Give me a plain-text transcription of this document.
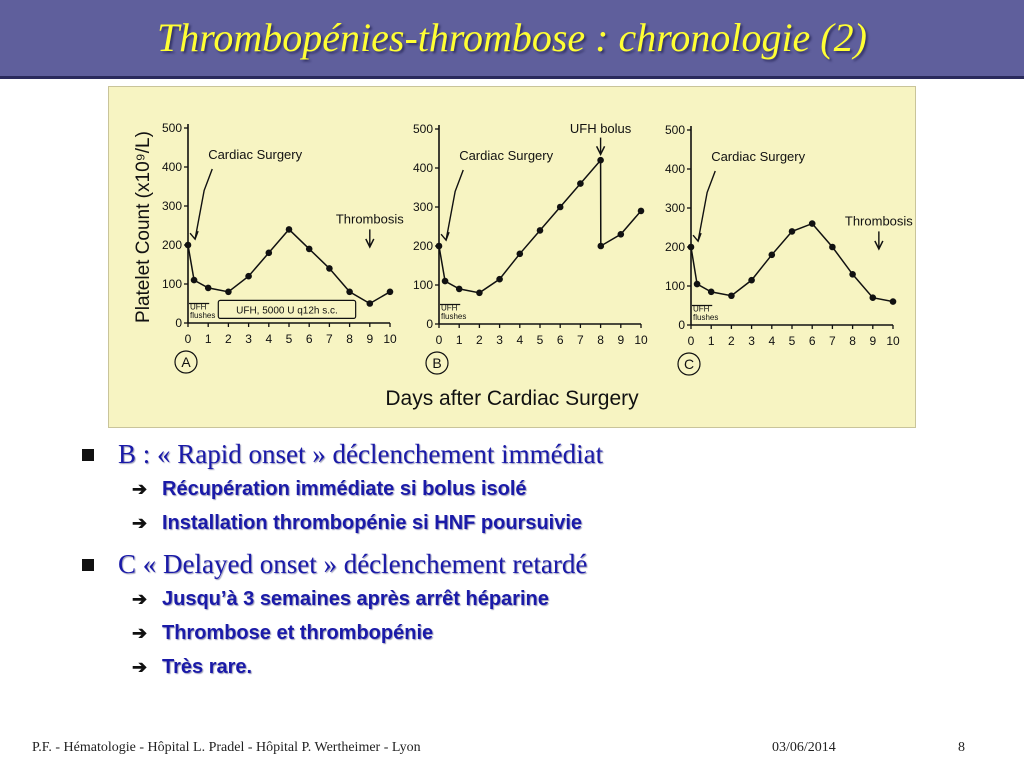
Thrombopénies-thrombose : chronologie (2)
0
100
200
300
400
500
0 1 2 3 4 5 6 7 8 9 10
A
Cardiac Surgery
Thrombosis
UFH
flushes UFH, 5000 U q12h s.c.
0
100
200
300
400
500
0 1 2 3 4 5 6 7 8 9 10
B
Cardiac Surgery
UFH bolus
UFH
flushes
0
100
200
300
400
500
0 1 2 3 4 5 6 7 8 9 10
C
Cardiac Surgery
Thrombosis
UFH
flushes
Platelet Count (x10⁹/L)
Days after Cardiac Surgery
B : « Rapid onset » déclenchement immédiat
➔ Récupération immédiate si bolus isolé
➔ Installation thrombopénie si HNF poursuivie
C « Delayed onset » déclenchement retardé
➔ Jusqu’à 3 semaines après arrêt héparine
➔ Thrombose et thrombopénie
➔ Très rare.
P.F. - Hématologie - Hôpital L. Pradel - Hôpital P. Wertheimer - Lyon	03/06/2014	8
